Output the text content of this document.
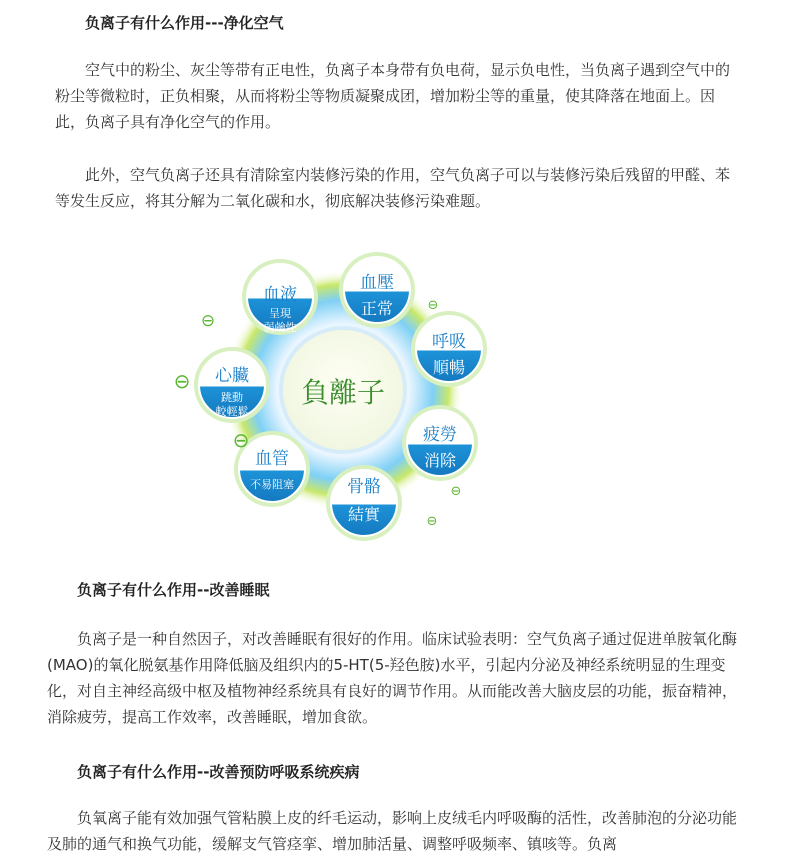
负离子有什么作用---净化空气

空气中的粉尘、灰尘等带有正电性，负离子本身带有负电荷，显示负电性，当负离子遇到空气中的粉尘等微粒时，正负相聚，从而将粉尘等物质凝聚成团，增加粉尘等的重量，使其降落在地面上。因此，负离子具有净化空气的作用。

此外，空气负离子还具有清除室内装修污染的作用，空气负离子可以与装修污染后残留的甲醛、苯等发生反应，将其分解为二氧化碳和水，彻底解决装修污染难题。

負離子
血液
呈現
弱鹼性
血壓
正常
呼吸
順暢
疲勞
消除
骨骼
結實
血管
不易阻塞
心臟
跳動
較輕鬆
⊖
⊖
⊖
⊖
⊖
⊖
负离子有什么作用--改善睡眠

负离子是一种自然因子，对改善睡眠有很好的作用。临床试验表明：空气负离子通过促进单胺氧化酶(MAO)的氧化脱氨基作用降低脑及组织内的5-HT(5-羟色胺)水平，引起内分泌及神经系统明显的生理变化，对自主神经高级中枢及植物神经系统具有良好的调节作用。从而能改善大脑皮层的功能，振奋精神，消除疲劳，提高工作效率，改善睡眠，增加食欲。

负离子有什么作用--改善预防呼吸系统疾病

负氧离子能有效加强气管粘膜上皮的纤毛运动，影响上皮绒毛内呼吸酶的活性，改善肺泡的分泌功能及肺的通气和换气功能，缓解支气管痉挛、增加肺活量、调整呼吸频率、镇咳等。负离
